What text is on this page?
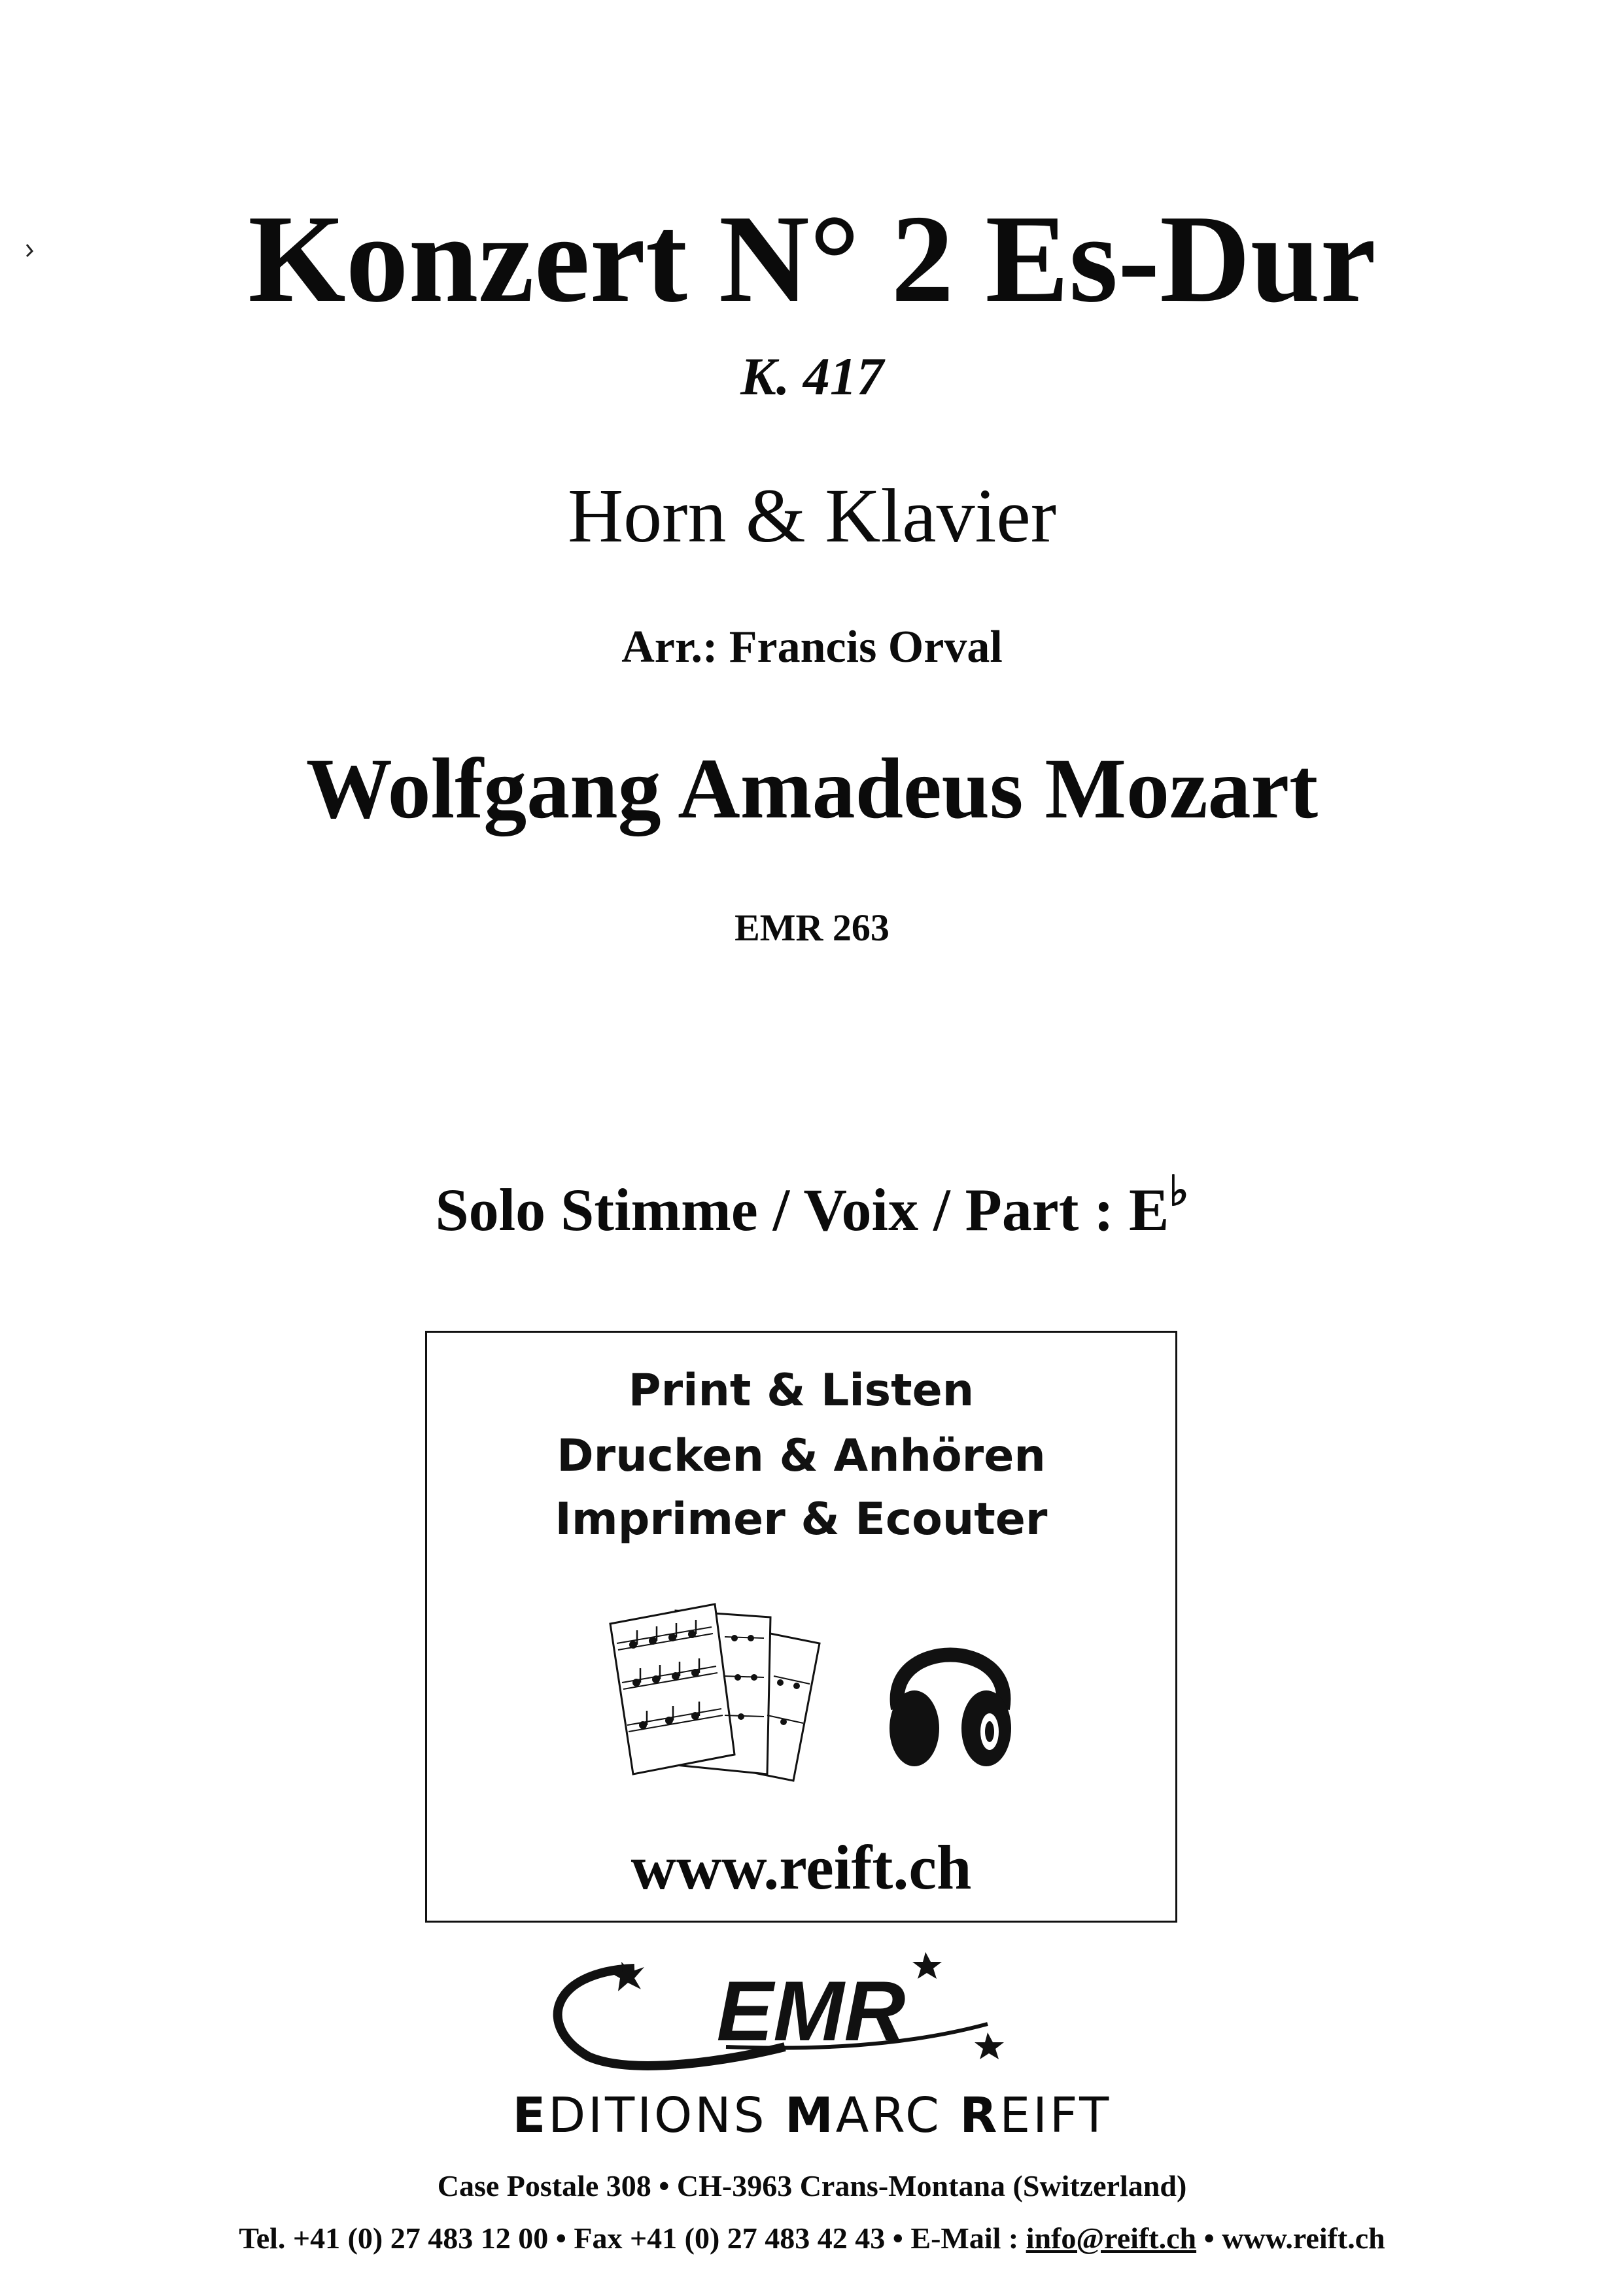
Konzert N° 2 Es-Dur
K. 417
Horn & Klavier
Arr.: Francis Orval
Wolfgang Amadeus Mozart
EMR 263
Solo Stimme / Voix / Part : E♭
Print & Listen
Drucken & Anhören
Imprimer & Ecouter
www.reift.ch
EMR
EDITIONS MARC REIFT
Case Postale 308 • CH-3963 Crans-Montana (Switzerland)
Tel. +41 (0) 27 483 12 00 • Fax +41 (0) 27 483 42 43 • E-Mail : info@reift.ch • www.reift.ch
